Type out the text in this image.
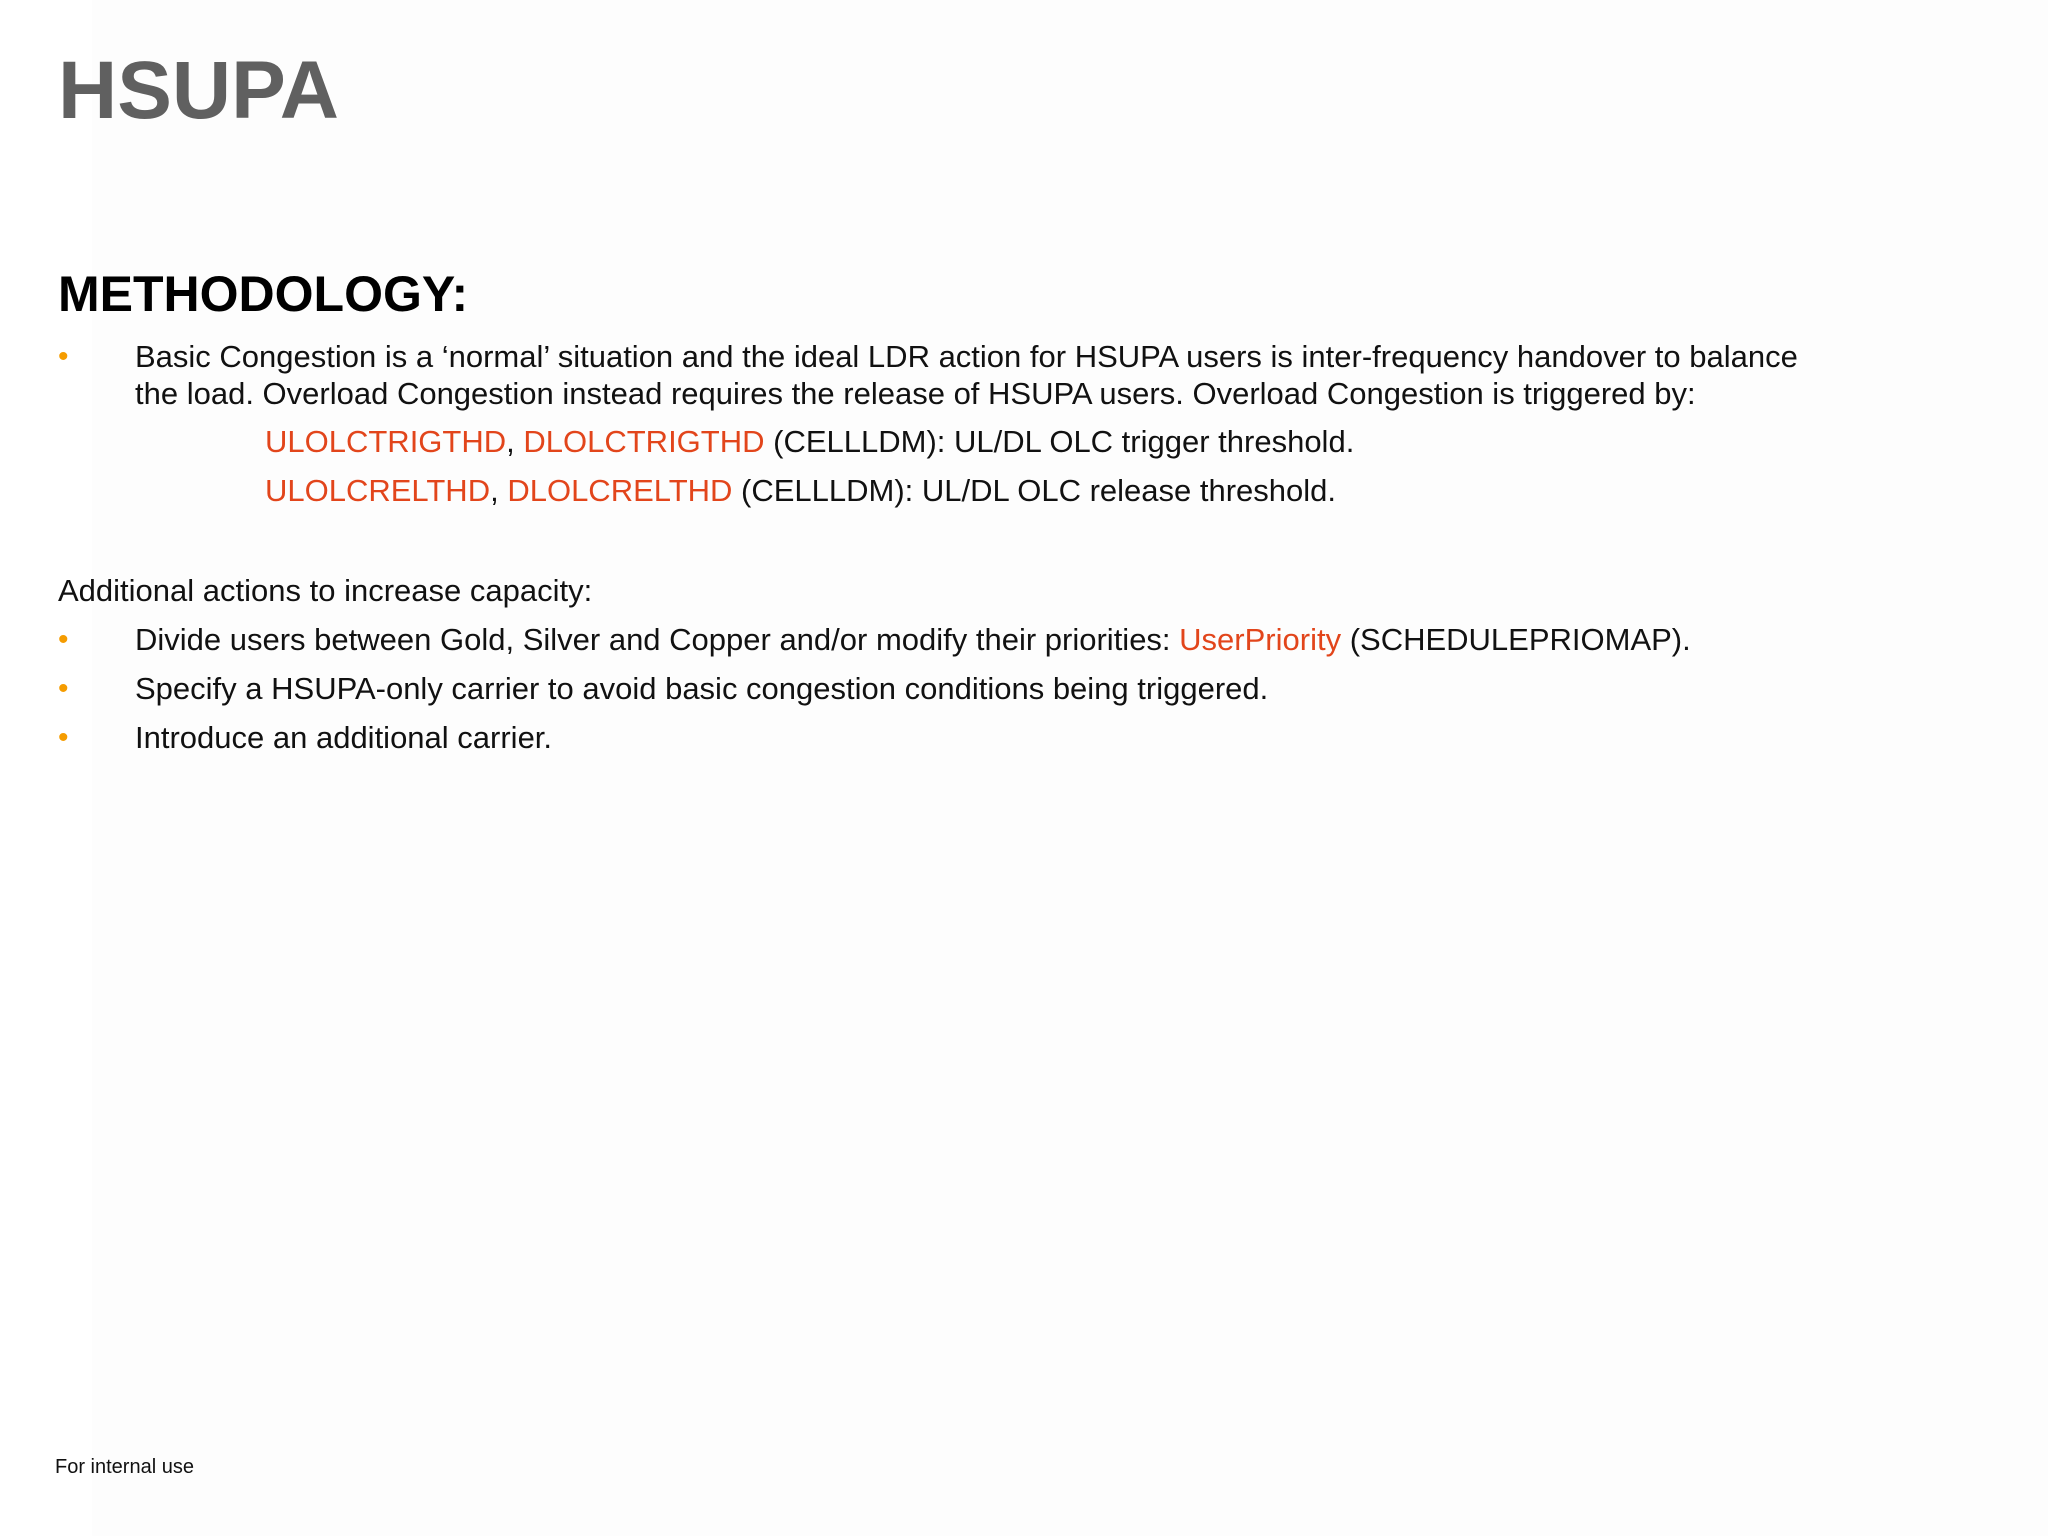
HSUPA
METHODOLOGY:
• Basic Congestion is a ‘normal’ situation and the ideal LDR action for HSUPA users is inter-frequency handover to balance
the load. Overload Congestion instead requires the release of HSUPA users. Overload Congestion is triggered by:
ULOLCTRIGTHD, DLOLCTRIGTHD (CELLLDM): UL/DL OLC trigger threshold.
ULOLCRELTHD, DLOLCRELTHD (CELLLDM): UL/DL OLC release threshold.
Additional actions to increase capacity:
• Divide users between Gold, Silver and Copper and/or modify their priorities: UserPriority (SCHEDULEPRIOMAP).
• Specify a HSUPA-only carrier to avoid basic congestion conditions being triggered.
• Introduce an additional carrier.
For internal use
